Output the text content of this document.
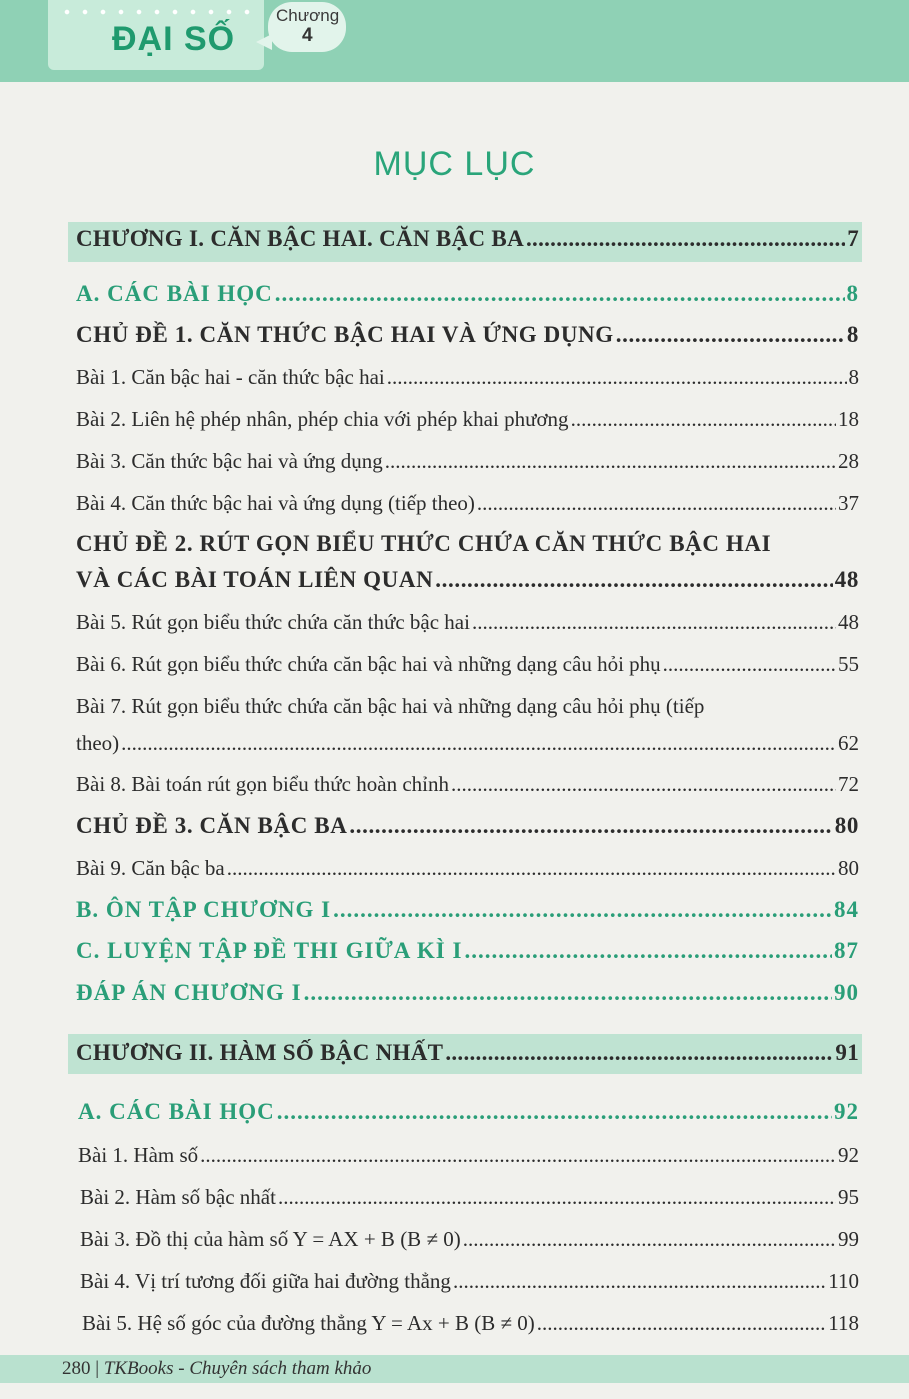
ĐẠI SỐ
Chương
4
MỤC LỤC
CHƯƠNG I. CĂN BẬC HAI. CĂN BẬC BA .....	7
A. CÁC BÀI HỌC .....	8
CHỦ ĐỀ 1. CĂN THỨC BẬC HAI VÀ ỨNG DỤNG .....	8
Bài 1. Căn bậc hai - căn thức bậc hai .....	8
Bài 2. Liên hệ phép nhân, phép chia với phép khai phương .....	18
Bài 3. Căn thức bậc hai và ứng dụng .....	28
Bài 4. Căn thức bậc hai và ứng dụng (tiếp theo) .....	37
CHỦ ĐỀ 2. RÚT GỌN BIỂU THỨC CHỨA CĂN THỨC BẬC HAI
VÀ CÁC BÀI TOÁN LIÊN QUAN .....	48
Bài 5. Rút gọn biểu thức chứa căn thức bậc hai .....	48
Bài 6. Rút gọn biểu thức chứa căn bậc hai và những dạng câu hỏi phụ .....	55
Bài 7. Rút gọn biểu thức chứa căn bậc hai và những dạng câu hỏi phụ (tiếp
theo) .....	62
Bài 8. Bài toán rút gọn biểu thức hoàn chỉnh .....	72
CHỦ ĐỀ 3. CĂN BẬC BA .....	80
Bài 9. Căn bậc ba .....	80
B. ÔN TẬP CHƯƠNG I .....	84
C. LUYỆN TẬP ĐỀ THI GIỮA KÌ I .....	87
ĐÁP ÁN CHƯƠNG I .....	90
CHƯƠNG II. HÀM SỐ BẬC NHẤT .....	91
A. CÁC BÀI HỌC .....	92
Bài 1. Hàm số .....	92
Bài 2. Hàm số bậc nhất .....	95
Bài 3. Đồ thị của hàm số Y = AX + B (B ≠ 0) .....	99
Bài 4. Vị trí tương đối giữa hai đường thẳng .....	110
Bài 5. Hệ số góc của đường thẳng Y = Ax + B (B ≠ 0) .....	118
280 | TKBooks - Chuyên sách tham khảo
